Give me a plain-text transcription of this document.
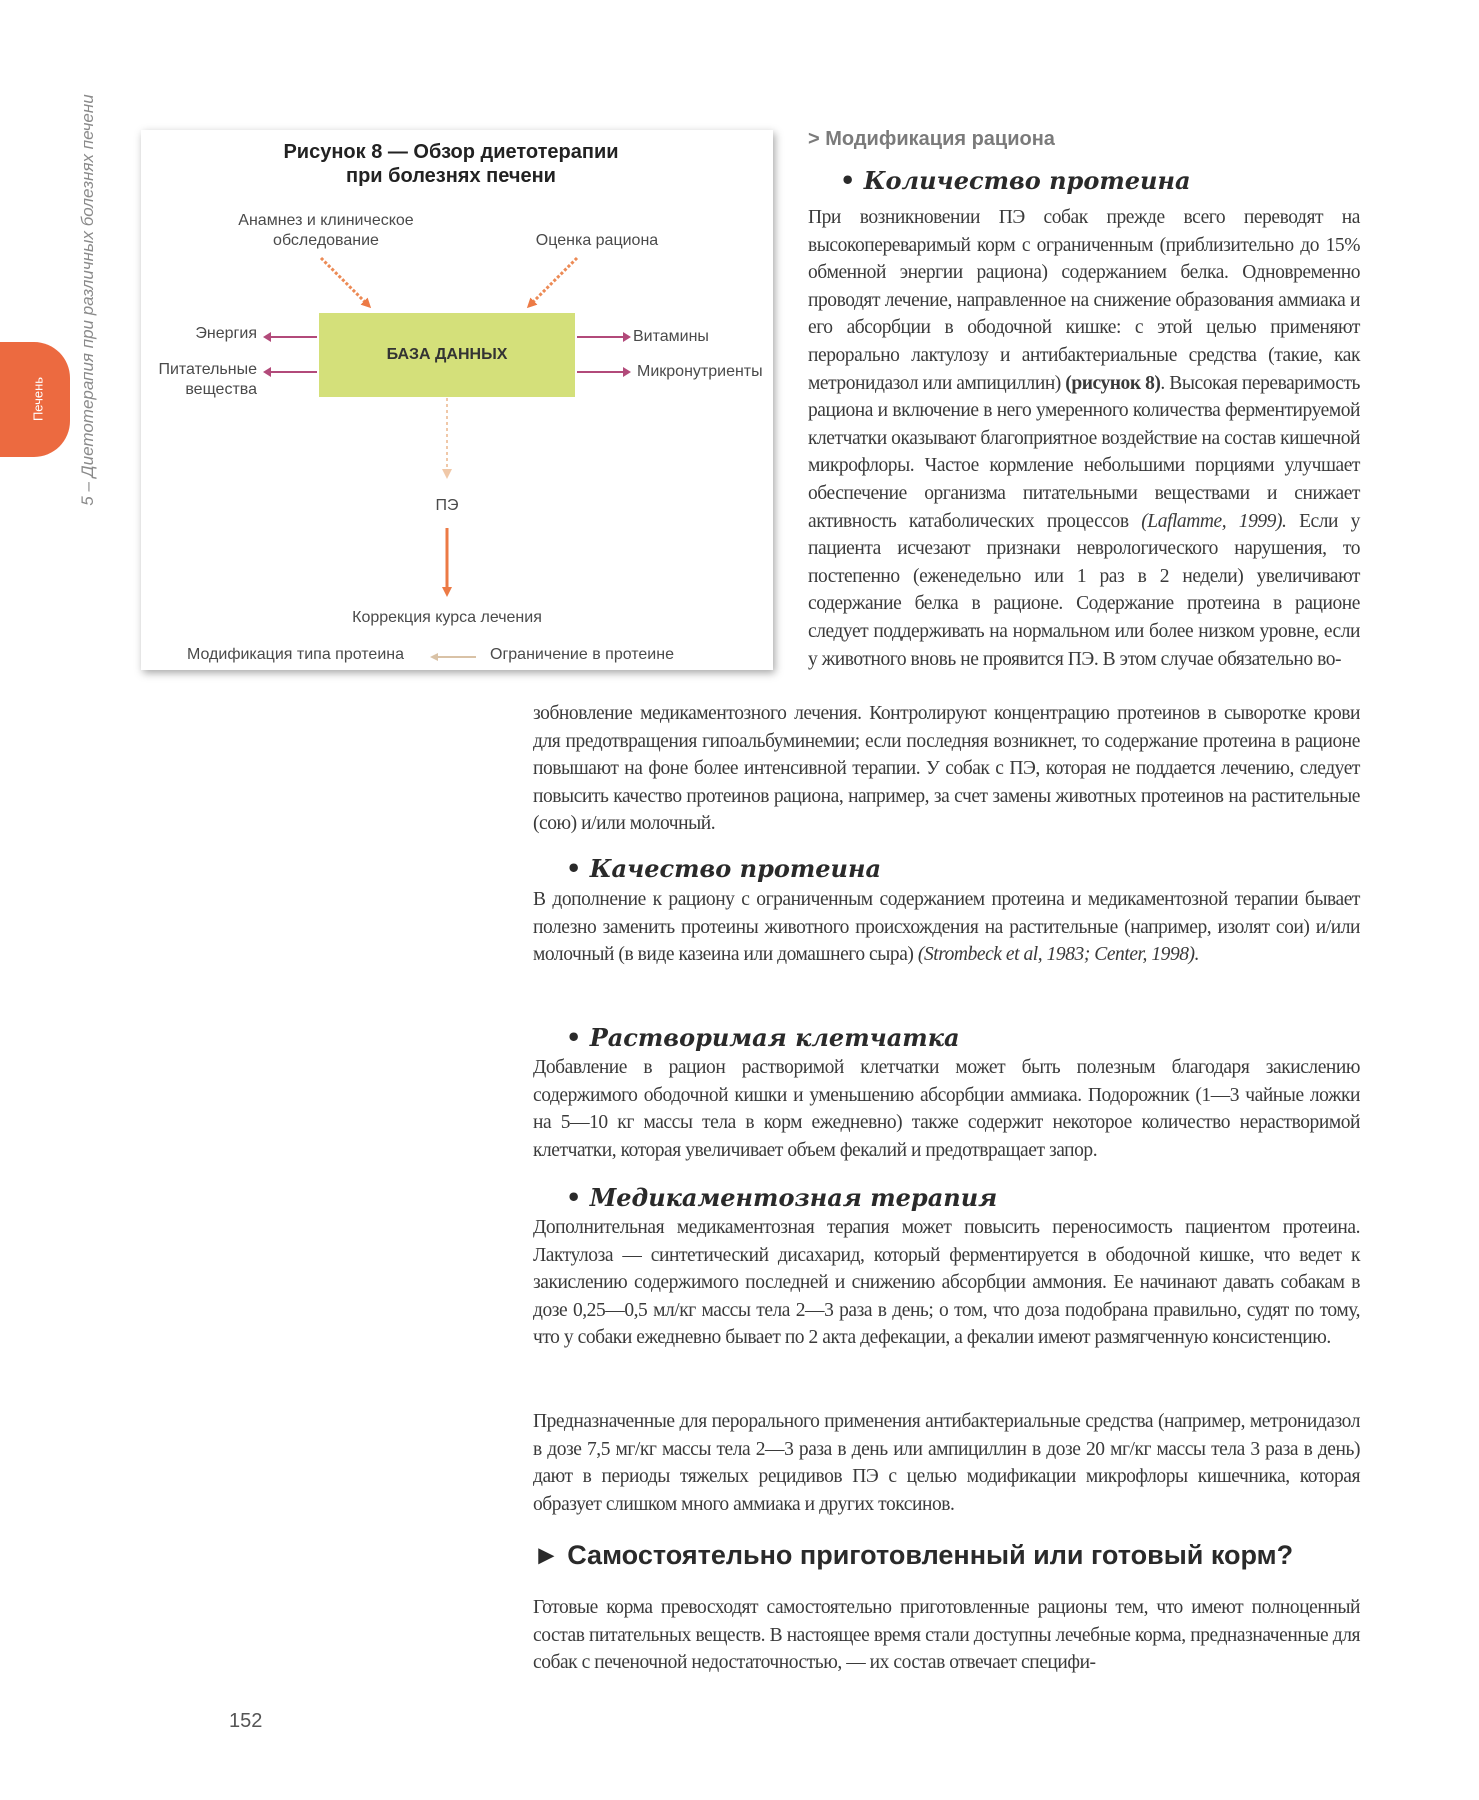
Печень 5 – Диетотерапия при различных болезнях печени	Рисунок 8 — Обзор диетотерапии
при болезнях печени
Анамнез и клиническое
обследование	Оценка рациона
БАЗА ДАННЫХ
Энергия
Питательные
вещества
Витамины
Микронутриенты
ПЭ
Коррекция курса лечения
Модификация типа протеина	Ограничение в протеине
> Модификация рациона
• Количество протеина

При возникновении ПЭ собак прежде всего переводят на высокопереваримый корм с ограниченным (приблизительно до 15% обменной энергии рациона) содержанием белка. Одновременно проводят лечение, направленное на снижение образования аммиака и его абсорбции в ободочной кишке: с этой целью применяют перорально лактулозу и антибактериальные средства (такие, как метронидазол или ампициллин) (рисунок 8). Высокая переваримость рациона и включение в него умеренного количества ферментируемой клетчатки оказывают благоприятное воздействие на состав кишечной микрофлоры. Частое кормление небольшими порциями улучшает обеспечение организма питательными веществами и снижает активность катаболических процессов (Laflamme, 1999). Если у пациента исчезают признаки неврологического нарушения, то постепенно (еженедельно или 1 раз в 2 недели) увеличивают содержание белка в рационе. Содержание протеина в рационе следует поддерживать на нормальном или более низком уровне, если у животного вновь не проявится ПЭ. В этом случае обязательно во-

зобновление медикаментозного лечения. Контролируют концентрацию протеинов в сыворотке крови для предотвращения гипоальбуминемии; если последняя возникнет, то содержание протеина в рационе повышают на фоне более интенсивной терапии. У собак с ПЭ, которая не поддается лечению, следует повысить качество протеинов рациона, например, за счет замены животных протеинов на растительные (сою) и/или молочный.

• Качество протеина

В дополнение к рациону с ограниченным содержанием протеина и медикаментозной терапии бывает полезно заменить протеины животного происхождения на растительные (например, изолят сои) и/или молочный (в виде казеина или домашнего сыра) (Strombeck et al, 1983; Center, 1998).

• Растворимая клетчатка

Добавление в рацион растворимой клетчатки может быть полезным благодаря закислению содержимого ободочной кишки и уменьшению абсорбции аммиака. Подорожник (1—3 чайные ложки на 5—10 кг массы тела в корм ежедневно) также содержит некоторое количество нерастворимой клетчатки, которая увеличивает объем фекалий и предотвращает запор.

• Медикаментозная терапия

Дополнительная медикаментозная терапия может повысить переносимость пациентом протеина. Лактулоза — синтетический дисахарид, который ферментируется в ободочной кишке, что ведет к закислению содержимого последней и снижению абсорбции аммония. Ее начинают давать собакам в дозе 0,25—0,5 мл/кг массы тела 2—3 раза в день; о том, что доза подобрана правильно, судят по тому, что у собаки ежедневно бывает по 2 акта дефекации, а фекалии имеют размягченную консистенцию.

Предназначенные для перорального применения антибактериальные средства (например, метронидазол в дозе 7,5 мг/кг массы тела 2—3 раза в день или ампициллин в дозе 20 мг/кг массы тела 3 раза в день) дают в периоды тяжелых рецидивов ПЭ с целью модификации микрофлоры кишечника, которая образует слишком много аммиака и других токсинов.

► Самостоятельно приготовленный или готовый корм?

Готовые корма превосходят самостоятельно приготовленные рационы тем, что имеют полноценный состав питательных веществ. В настоящее время стали доступны лечебные корма, предназначенные для собак с печеночной недостаточностью, — их состав отвечает специфи-

152
